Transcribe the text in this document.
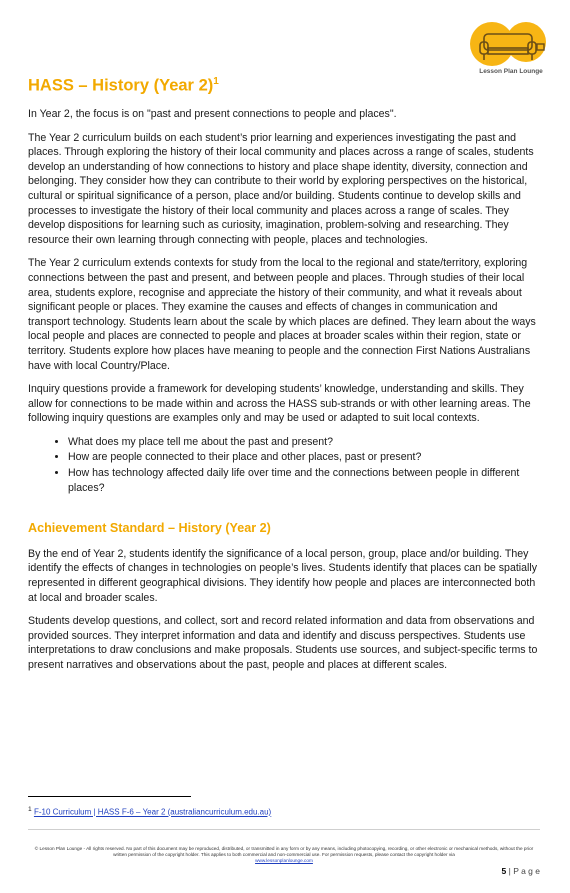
Lesson Plan Lounge
HASS – History (Year 2)$^1$

In Year 2, the focus is on "past and present connections to people and places".

The Year 2 curriculum builds on each student’s prior learning and experiences investigating the past and places. Through exploring the history of their local community and places across a range of scales, students develop an understanding of how connections to history and place shape identity, diversity, connection and belonging. They consider how they can contribute to their world by exploring perspectives on the historical, cultural or spiritual significance of a person, place and/or building. Students continue to develop skills and processes to investigate the history of their local community and places across a range of scales. They develop dispositions for learning such as curiosity, imagination, problem-solving and researching. They resource their own learning through connecting with people, places and technologies.

The Year 2 curriculum extends contexts for study from the local to the regional and state/territory, exploring connections between the past and present, and between people and places. Through studies of their local area, students explore, recognise and appreciate the history of their community, and what it reveals about significant people or places. They examine the causes and effects of changes in communication and transport technology. Students learn about the scale by which places are defined. They learn about the ways local people and places are connected to people and places at broader scales within their region, state or territory. Students explore how places have meaning to people and the connection First Nations Australians have with local Country/Place.

Inquiry questions provide a framework for developing students’ knowledge, understanding and skills. They allow for connections to be made within and across the HASS sub-strands or with other learning areas. The following inquiry questions are examples only and may be used or adapted to suit local contexts.

• What does my place tell me about the past and present?
• How are people connected to their place and other places, past or present?
• How has technology affected daily life over time and the connections between people in different places?
Achievement Standard – History (Year 2)

By the end of Year 2, students identify the significance of a local person, group, place and/or building. They identify the effects of changes in technologies on people’s lives. Students identify that places can be spatially represented in different geographical divisions. They identify how people and places are interconnected both at local and broader scales.

Students develop questions, and collect, sort and record related information and data from observations and provided sources. They interpret information and data and identify and discuss perspectives. Students use interpretations to draw conclusions and make proposals. Students use sources, and subject-specific terms to present narratives and observations about the past, people and places at different scales.

$^1$ F-10 Curriculum | HASS F-6 – Year 2 (australiancurriculum.edu.au)
© Lesson Plan Lounge - All rights reserved. No part of this document may be reproduced, distributed, or transmitted in any form or by any means, including photocopying, recording, or other electronic or mechanical methods, without the prior written permission of the copyright holder. This applies to both commercial and non-commercial use. For permission requests, please contact the copyright holder via
www.lessonplanlounge.com
5 | P a g e
